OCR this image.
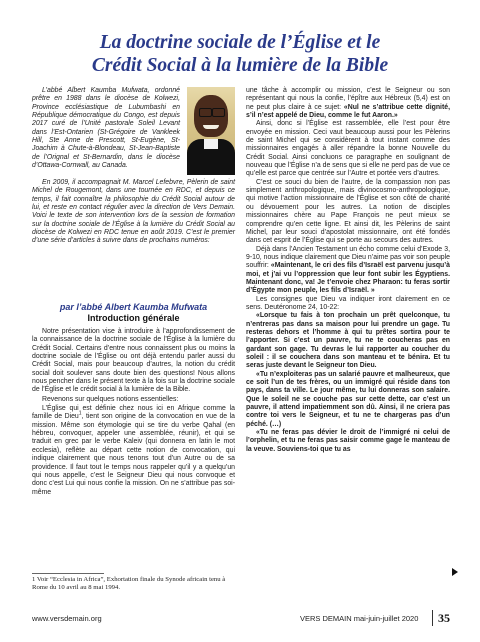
La doctrine sociale de l’Église et le
Crédit Social à la lumière de la Bible

L’abbé Albert Kaumba Mufwata, ordonné prêtre en 1988 dans le diocèse de Kolwezi, Province ecclésiastique de Lubumbashi en République démocratique du Congo, est depuis 2017 curé de l’Unité pastorale Soleil Levant dans l’Est-Ontarien (St-Grégoire de Vankleek Hill, Ste Anne de Prescott, St-Eugène, St-Joachim à Chute-à-Blondeau, St-Jean-Baptiste de l’Orignal et St-Bernardin, dans le diocèse d’Ottawa-Cornwall, au Canada.

En 2009, il accompagnait M. Marcel Lefebvre, Pèlerin de saint Michel de Rougemont, dans une tournée en RDC, et depuis ce temps, il fait connaître la philosophie du Crédit Social autour de lui, et reste en contact régulier avec la direction de Vers Demain. Voici le texte de son intervention lors de la session de formation sur la doctrine sociale de l’Église à la lumière du Crédit Social au diocèse de Kolwezi en RDC tenue en août 2019. C’est le premier d’une série d’articles à suivre dans de prochains numéros:

par l’abbé Albert Kaumba Mufwata
Introduction générale

Notre présentation vise à introduire à l’approfondissement de la connaissance de la doctrine sociale de l’Église à la lumière du Crédit Social. Certains d’entre nous connaissent plus ou moins la doctrine sociale de l’Église ou ont déjà entendu parler aussi du Crédit Social, mais pour beaucoup d’autres, la notion du crédit social doit soulever sans doute bien des questions! Nous allons nous pencher dans le présent texte à la fois sur la doctrine sociale de l’Église et le crédit social à la lumière de la Bible.

Revenons sur quelques notions essentielles:

L’Église qui est définie chez nous ici en Afrique comme la famille de Dieu$^1$, tient son origine de la convocation en vue de la mission. Même son étymologie qui se tire du verbe Qahal (en hébreu, convoquer, appeler une assemblée, réunir), et qui se traduit en grec par le verbe Kaleiv (qui donnera en latin le mot ecclesia), reflète au départ cette notion de convocation, qui indique clairement que nous tenons tout d’un Autre ou de sa providence. Il faut tout le temps nous rappeler qu’il y a quelqu’un qui nous appelle, c’est le Seigneur Dieu qui nous convoque et donc c’est Lui qui nous confie la mission. On ne s’attribue pas soi-même

1 Voir “Ecclesia in Africa”, Exhortation finale du Synode africain tenu à Rome du 10 avril au 8 mai 1994.

une tâche à accomplir ou mission, c’est le Seigneur ou son représentant qui nous la confie, l’épître aux Hébreux (5,4) est on ne peut plus claire à ce sujet: «Nul ne s’attribue cette dignité, s’il n’est appelé de Dieu, comme le fut Aaron.»

Ainsi, donc si l’Église est rassemblée, elle l’est pour être envoyée en mission. Ceci vaut beaucoup aussi pour les Pèlerins de saint Michel qui se considèrent à tout instant comme des missionnaires engagés à aller répandre la bonne Nouvelle du Crédit Social. Ainsi concluons ce paragraphe en soulignant de nouveau que l’Église n’a de sens que si elle ne perd pas de vue ce qu’elle est parce que centrée sur l’Autre et portée vers d’autres.

C’est ce souci du bien de l’autre, de la compassion non pas simplement anthropologique, mais divinocosmo-anthropologique, qui motive l’action missionnaire de l’Église et son côté de charité ou dévouement pour les autres. La notion de disciples missionnaires chère au Pape François ne peut mieux se comprendre qu’en cette ligne. Et ainsi dit, les Pèlerins de saint Michel, par leur souci d’apostolat missionnaire, ont été fondés dans cet esprit de l’Église qui se porte au secours des autres.

Déjà dans l’Ancien Testament un écho comme celui d’Exode 3, 9-10, nous indique clairement que Dieu n’aime pas voir son peuple souffrir: «Maintenant, le cri des fils d’Israël est parvenu jusqu’à moi, et j’ai vu l’oppression que leur font subir les Égyptiens. Maintenant donc, va! Je t’envoie chez Pharaon: tu feras sortir d’Égypte mon peuple, les fils d’Israël. »

Les consignes que Dieu va indiquer iront clairement en ce sens. Deutéronome 24, 10-22:

«Lorsque tu fais à ton prochain un prêt quelconque, tu n’entreras pas dans sa maison pour lui prendre un gage. Tu resteras dehors et l’homme à qui tu prêtes sortira pour te l’apporter. Si c’est un pauvre, tu ne te coucheras pas en gardant son gage. Tu devras le lui rapporter au coucher du soleil : il se couchera dans son manteau et te bénira. Et tu seras juste devant le Seigneur ton Dieu.

«Tu n’exploiteras pas un salarié pauvre et malheureux, que ce soit l’un de tes frères, ou un immigré qui réside dans ton pays, dans ta ville. Le jour même, tu lui donneras son salaire. Que le soleil ne se couche pas sur cette dette, car c’est un pauvre, il attend impatiemment son dû. Ainsi, il ne criera pas contre toi vers le Seigneur, et tu ne te chargeras pas d’un péché. (…)

«Tu ne feras pas dévier le droit de l’immigré ni celui de l’orphelin, et tu ne feras pas saisir comme gage le manteau de la veuve. Souviens-toi que tu as

www.versdemain.org	VERS DEMAIN mai-juin-juillet 2020 35
